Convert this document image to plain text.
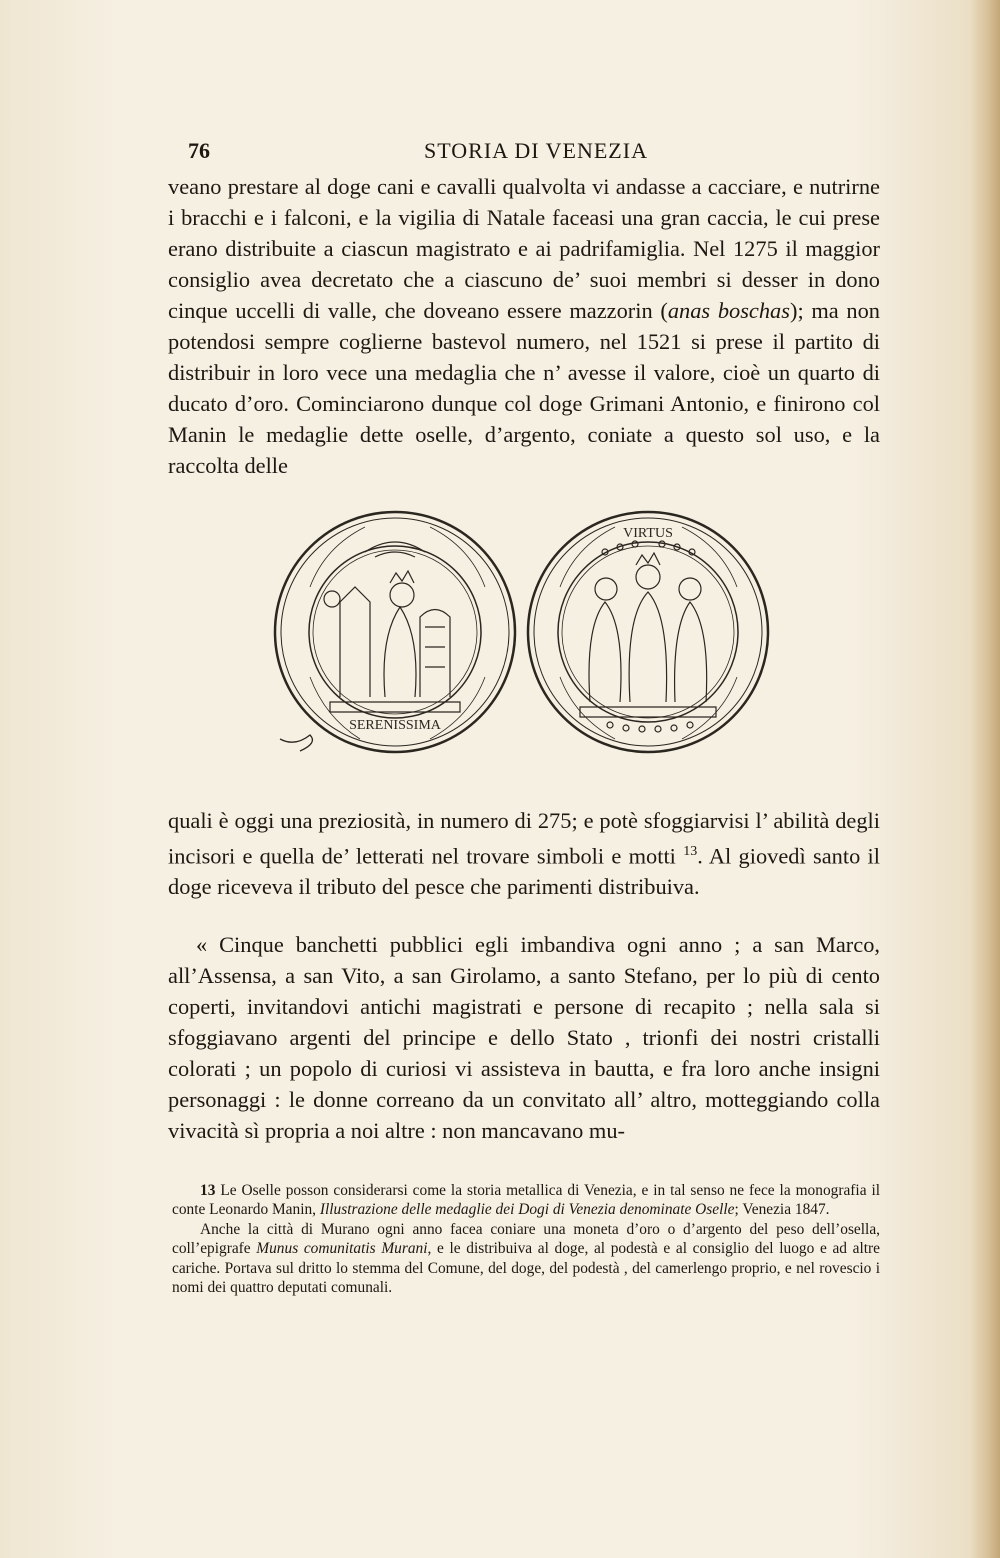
76	STORIA DI VENEZIA

veano prestare al doge cani e cavalli qualvolta vi andasse a cacciare, e nutrirne i bracchi e i falconi, e la vigilia di Natale faceasi una gran caccia, le cui prese erano distribuite a ciascun magistrato e ai padrifamiglia. Nel 1275 il maggior consiglio avea decretato che a ciascuno de’ suoi membri si desser in dono cinque uccelli di valle, che doveano essere mazzorin (anas boschas); ma non potendosi sempre coglierne bastevol numero, nel 1521 si prese il partito di distribuir in loro vece una medaglia che n’ avesse il valore, cioè un quarto di ducato d’oro. Cominciarono dunque col doge Grimani Antonio, e finirono col Manin le medaglie dette oselle, d’argento, coniate a questo sol uso, e la raccolta delle

SERENISSIMA
VIRTUS

quali è oggi una preziosità, in numero di 275; e potè sfoggiarvisi l’ abilità degli incisori e quella de’ letterati nel trovare simboli e motti $^{13}$. Al giovedì santo il doge riceveva il tributo del pesce che parimenti distribuiva.

« Cinque banchetti pubblici egli imbandiva ogni anno ; a san Marco, all’Assensa, a san Vito, a san Girolamo, a santo Stefano, per lo più di cento coperti, invitandovi antichi magistrati e persone di recapito ; nella sala si sfoggiavano argenti del principe e dello Stato , trionfi dei nostri cristalli colorati ; un popolo di curiosi vi assisteva in bautta, e fra loro anche insigni personaggi : le donne correano da un convitato all’ altro, motteggiando colla vivacità sì propria a noi altre : non mancavano mu-

13 Le Oselle posson considerarsi come la storia metallica di Venezia, e in tal senso ne fece la monografia il conte Leonardo Manin, Illustrazione delle medaglie dei Dogi di Venezia denominate Oselle; Venezia 1847.

Anche la città di Murano ogni anno facea coniare una moneta d’oro o d’argento del peso dell’osella, coll’epigrafe Munus comunitatis Murani, e le distribuiva al doge, al podestà e al consiglio del luogo e ad altre cariche. Portava sul dritto lo stemma del Comune, del doge, del podestà , del camerlengo proprio, e nel rovescio i nomi dei quattro deputati comunali.
